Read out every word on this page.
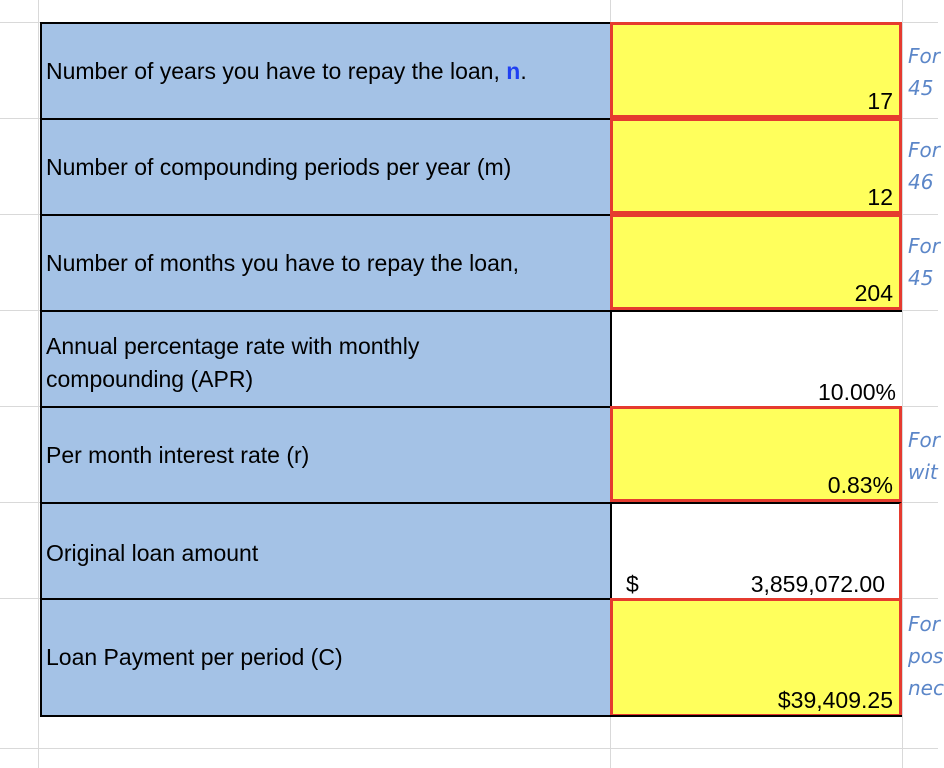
Number of years you have to repay the loan, n.
17
For
45
Number of compounding periods per year (m)
12
For
46
Number of months you have to repay the loan,
204
For
45
Annual percentage rate with monthly
compounding (APR)	10.00%
Per month interest rate (r)
0.83%
For
wit
Original loan amount
$	3,859,072.00
Loan Payment per period (C)
$39,409.25
For
pos
nec
